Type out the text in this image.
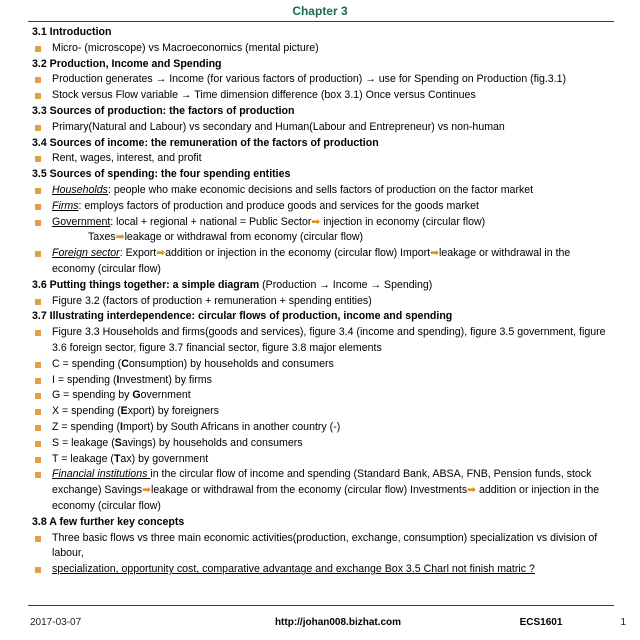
Chapter 3
3.1 Introduction
Micro- (microscope) vs Macroeconomics (mental picture)
3.2 Production, Income and Spending
Production generates → Income (for various factors of production) → use for Spending on Production (fig.3.1)
Stock versus Flow variable → Time dimension difference (box 3.1) Once versus Continues
3.3 Sources of production: the factors of production
Primary(Natural and Labour) vs secondary and Human(Labour and Entrepreneur) vs non-human
3.4 Sources of income: the remuneration of the factors of production
Rent, wages, interest, and profit
3.5 Sources of spending: the four spending entities
Households: people who make economic decisions and sells factors of production on the factor market
Firms: employs factors of production and produce goods and services for the goods market
Government: local + regional + national = Public Sector➡ injection in economy (circular flow)
Taxes➡leakage or withdrawal from economy (circular flow)
Foreign sector: Export➡addition or injection in the economy (circular flow) Import➡leakage or withdrawal in the economy (circular flow)
3.6 Putting things together: a simple diagram (Production → Income → Spending)
Figure 3.2 (factors of production + remuneration + spending entities)
3.7 Illustrating interdependence: circular flows of production, income and spending
Figure 3.3 Households and firms(goods and services), figure 3.4 (income and spending), figure 3.5 government, figure 3.6 foreign sector, figure 3.7 financial sector, figure 3.8 major elements
C = spending (Consumption) by households and consumers
I = spending (Investment) by firms
G = spending by Government
X = spending (Export) by foreigners
Z = spending (Import) by South Africans in another country (-)
S = leakage (Savings) by households and consumers
T = leakage (Tax) by government
Financial institutions in the circular flow of income and spending (Standard Bank, ABSA, FNB, Pension funds, stock exchange) Savings➡leakage or withdrawal from the economy (circular flow) Investments➡ addition or injection in the economy (circular flow)
3.8 A few further key concepts
Three basic flows vs three main economic activities(production, exchange, consumption) specialization vs division of labour,
specialization, opportunity cost, comparative advantage and exchange Box 3.5 Charl not finish matric ?
2017-03-07	http://johan008.bizhat.com	ECS1601	1
